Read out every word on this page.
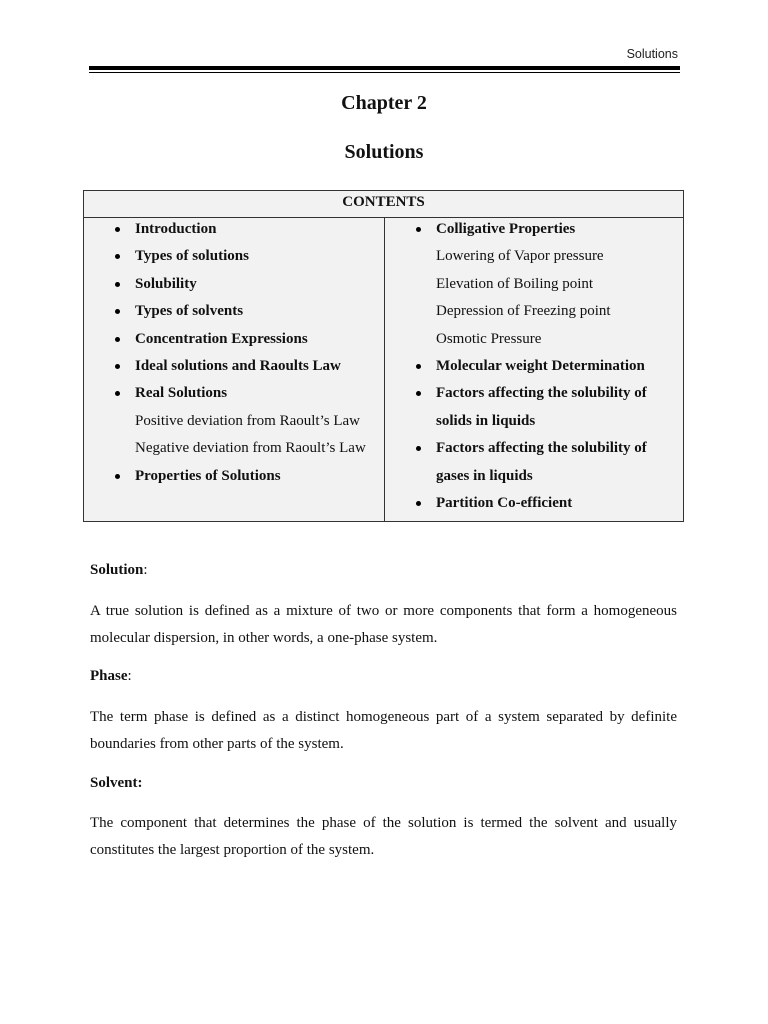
Solutions
Chapter 2
Solutions
CONTENTS
Introduction
Types of solutions
Solubility
Types of solvents
Concentration Expressions
Ideal solutions and Raoults Law
Real Solutions
Positive deviation from Raoult’s Law
Negative deviation from Raoult’s Law
Properties of Solutions
Colligative Properties
Lowering of Vapor pressure
Elevation of Boiling point
Depression of Freezing point
Osmotic Pressure
Molecular weight Determination
Factors affecting the solubility of
solids in liquids
Factors affecting the solubility of
gases in liquids
Partition Co-efficient
Solution:

A true solution is defined as a mixture of two or more components that form a homogeneous molecular dispersion, in other words, a one-phase system.

Phase:

The term phase is defined as a distinct homogeneous part of a system separated by definite boundaries from other parts of the system.

Solvent:

The component that determines the phase of the solution is termed the solvent and usually constitutes the largest proportion of the system.
